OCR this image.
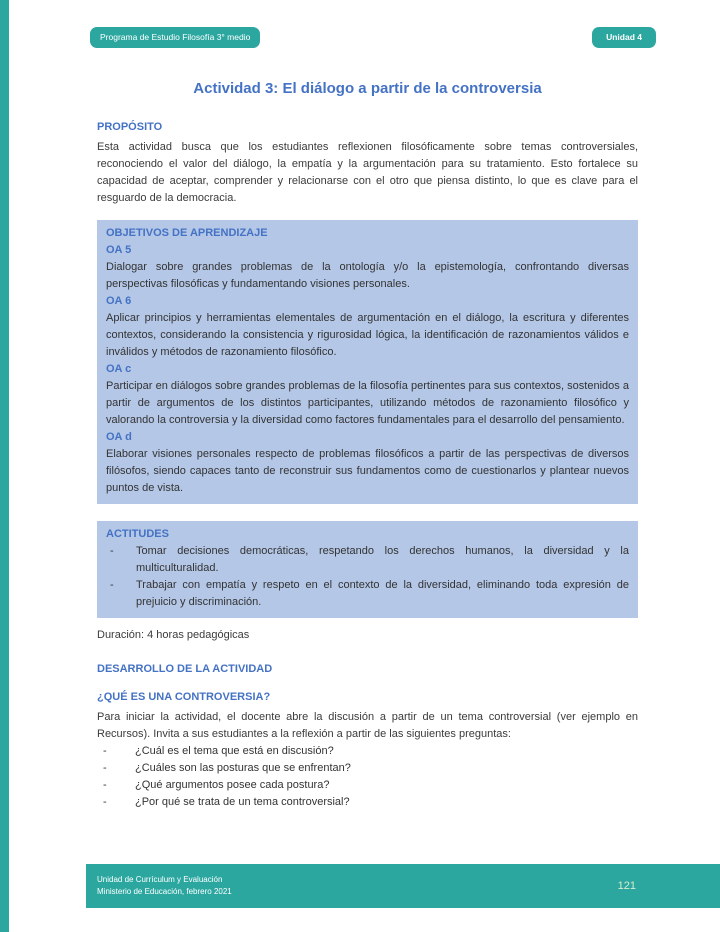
Programa de Estudio Filosofía 3° medio	Unidad 4
Actividad 3: El diálogo a partir de la controversia
PROPÓSITO

Esta actividad busca que los estudiantes reflexionen filosóficamente sobre temas controversiales, reconociendo el valor del diálogo, la empatía y la argumentación para su tratamiento. Esto fortalece su capacidad de aceptar, comprender y relacionarse con el otro que piensa distinto, lo que es clave para el resguardo de la democracia.

OBJETIVOS DE APRENDIZAJE
OA 5

Dialogar sobre grandes problemas de la ontología y/o la epistemología, confrontando diversas perspectivas filosóficas y fundamentando visiones personales.

OA 6

Aplicar principios y herramientas elementales de argumentación en el diálogo, la escritura y diferentes contextos, considerando la consistencia y rigurosidad lógica, la identificación de razonamientos válidos e inválidos y métodos de razonamiento filosófico.

OA c

Participar en diálogos sobre grandes problemas de la filosofía pertinentes para sus contextos, sostenidos a partir de argumentos de los distintos participantes, utilizando métodos de razonamiento filosófico y valorando la controversia y la diversidad como factores fundamentales para el desarrollo del pensamiento.

OA d

Elaborar visiones personales respecto de problemas filosóficos a partir de las perspectivas de diversos filósofos, siendo capaces tanto de reconstruir sus fundamentos como de cuestionarlos y plantear nuevos puntos de vista.

ACTITUDES
-	Tomar decisiones democráticas, respetando los derechos humanos, la diversidad y la multiculturalidad.
-	Trabajar con empatía y respeto en el contexto de la diversidad, eliminando toda expresión de prejuicio y discriminación.

Duración: 4 horas pedagógicas

DESARROLLO DE LA ACTIVIDAD
¿QUÉ ES UNA CONTROVERSIA?

Para iniciar la actividad, el docente abre la discusión a partir de un tema controversial (ver ejemplo en Recursos). Invita a sus estudiantes a la reflexión a partir de las siguientes preguntas:

-	¿Cuál es el tema que está en discusión?
-	¿Cuáles son las posturas que se enfrentan?
-	¿Qué argumentos posee cada postura?
-	¿Por qué se trata de un tema controversial?
Unidad de Currículum y Evaluación
Ministerio de Educación, febrero 2021	121
